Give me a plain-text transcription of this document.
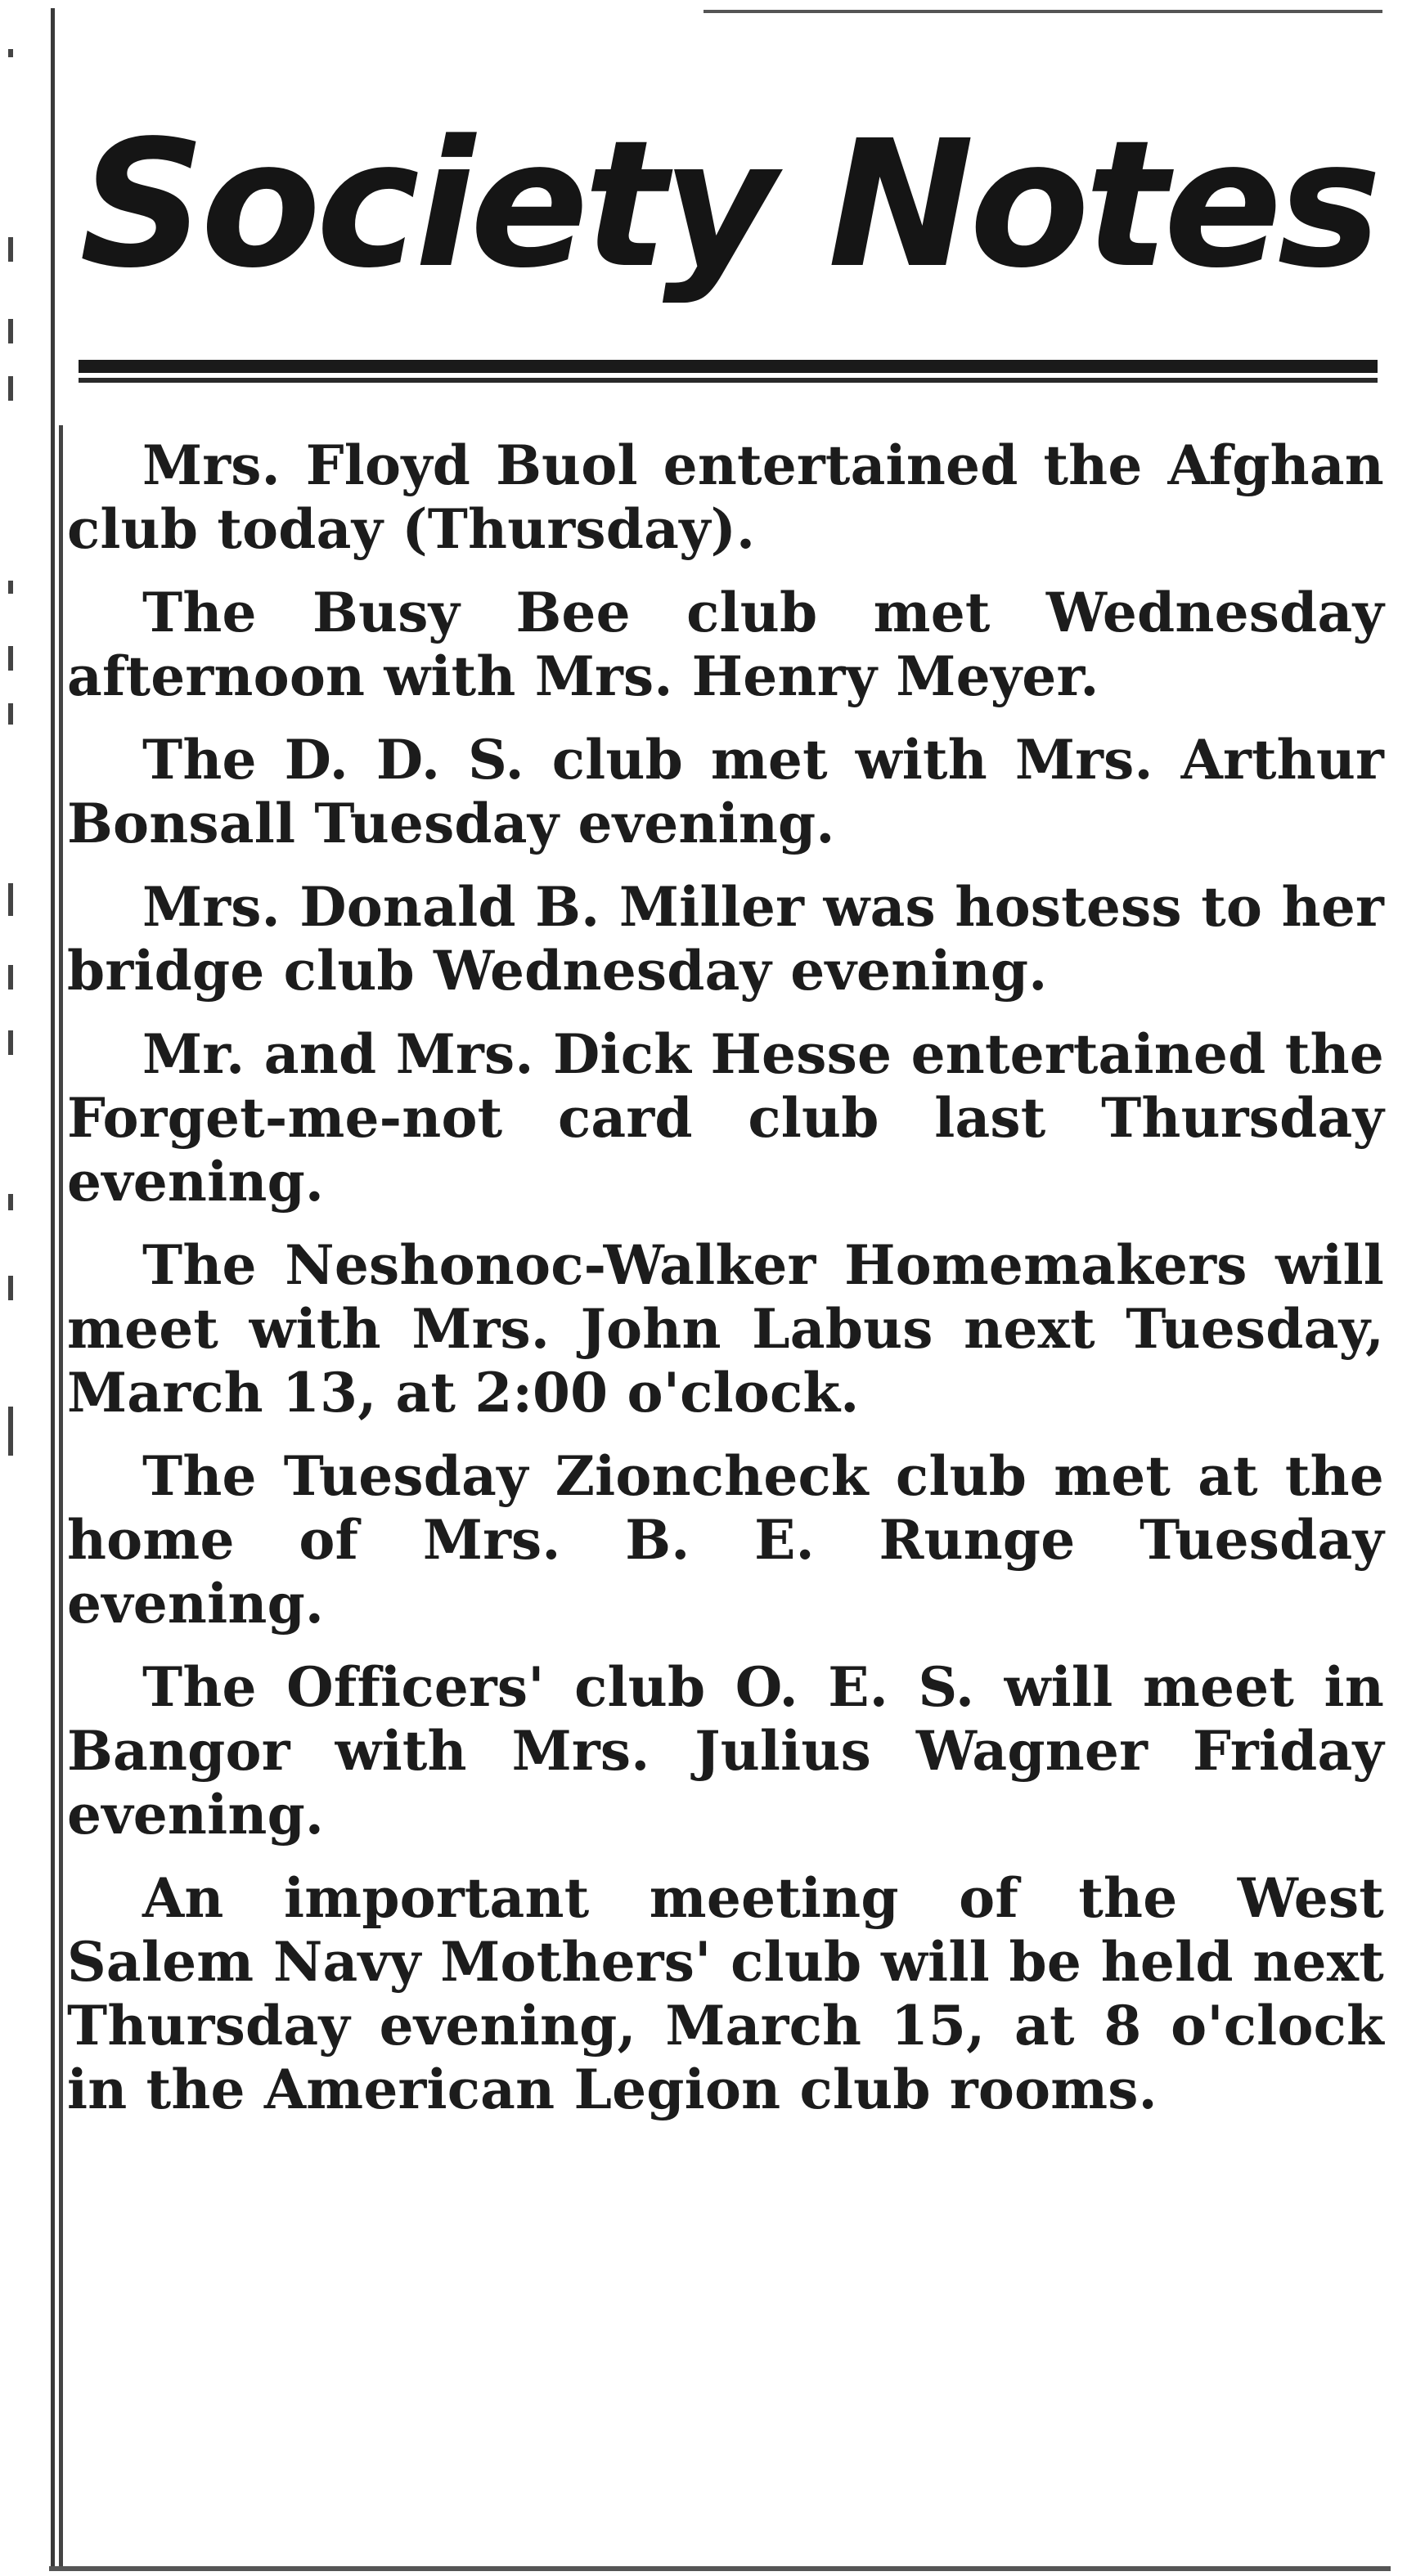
Society Notes

Mrs. Floyd Buol entertained the Afghan club today (Thursday).

The Busy Bee club met Wednesday afternoon with Mrs. Henry Meyer.

The D. D. S. club met with Mrs. Arthur Bonsall Tuesday evening.

Mrs. Donald B. Miller was hostess to her bridge club Wednesday evening.

Mr. and Mrs. Dick Hesse entertained the Forget-me-not card club last Thursday evening.

The Neshonoc-Walker Homemakers will meet with Mrs. John Labus next Tuesday, March 13, at 2:00 o'clock.

The Tuesday Zioncheck club met at the home of Mrs. B. E. Runge Tuesday evening.

The Officers' club O. E. S. will meet in Bangor with Mrs. Julius Wagner Friday evening.

An important meeting of the West Salem Navy Mothers' club will be held next Thursday evening, March 15, at 8 o'clock in the American Legion club rooms.
